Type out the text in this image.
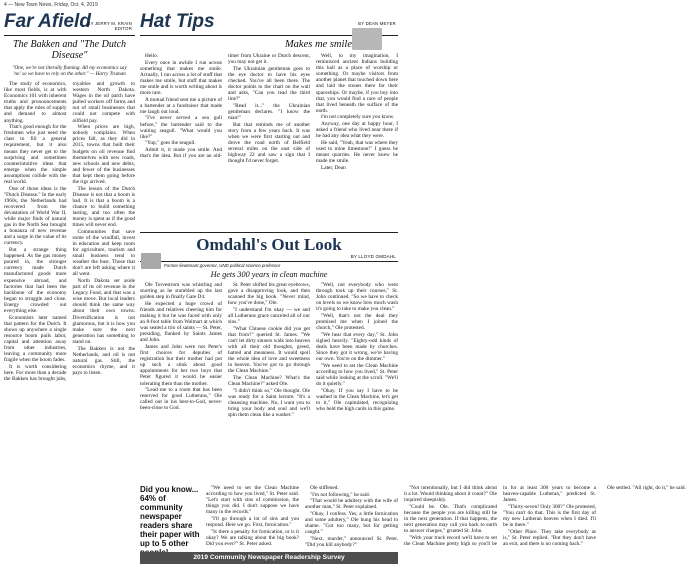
4 — New Town News, Friday, Oct. 4, 2019
Far Afield
BY JERRY M. KRAIN
EDITOR
The Bakken and "The Dutch Disease"
"One, we're not literally flaming. All my economics say 'no' so we have to rely on the other." — Harry Truman

The study of economics, like most fields, is at with Economics 101 with inherent truths and pronouncements that apply the rules of supply and demand to almost anything.

That's good enough for the freshmen who just need the class to fill a general requirement, but it also means they never get to the surprising and sometimes counterintuitive ideas that emerge when the simple assumptions collide with the real world.

One of those ideas is the "Dutch Disease." In the early 1960s, the Netherlands had recovered from the devastation of World War II, while major finds of natural gas in the North Sea brought a bonanza of new revenue and a surge in the value of its currency.

But a strange thing happened. As the gas money poured in, the stronger currency made Dutch manufactured goods more expensive abroad, and factories that had been the backbone of the economy began to struggle and close. Energy crowded out everything else.

Economists later named that pattern for the Dutch. It shows up anywhere a single resource boom pulls labor, capital and attention away from other industries, leaving a community more fragile when the boom fades.

It is worth considering here. For more than a decade the Bakken has brought jobs, royalties and growth to western North Dakota. Wages in the oil patch have pulled workers off farms and out of small businesses that could not compete with oilfield pay.

When prices are high, nobody complains. When prices fall, as they did in 2015, towns that built their budgets on oil revenue find themselves with new roads, new schools and new debts, and fewer of the businesses that kept them going before the rigs arrived.

The lesson of the Dutch Disease is not that a boom is bad. It is that a boom is a chance to build something lasting, and too often the money is spent as if the good times will never end.

Communities that save some of the windfall, invest in education and keep room for agriculture, tourism and small business tend to weather the bust. Those that don't are left asking where it all went.

North Dakota set aside part of its oil revenue in the Legacy Fund, and that was a wise move. But local leaders should think the same way about their own towns. Diversification is not glamorous, but it is how you make sure the next generation has something to stand on.

The Bakken is not the Netherlands, and oil is not natural gas. Still, the economics rhyme, and it pays to listen.

Hat Tips	BY DEAN MEYER
Makes me smile

Hello.

Every once in awhile I run across something that makes me smile. Actually, I run across a lot of stuff that makes me smile, but stuff that makes me smile and is worth writing about is more rare.

A mutual friend sent me a picture of a bartender at a fundraiser that made me laugh out loud.

"I've never served a sea gull before," the bartender said to the waiting seagull. "What would you like?"

"Yup," goes the seagull.

Admit it, it made you smile. And that's the idea. But if you are an old-timer from Ukraine or Dutch descent, you may not get it.

The Ukrainian gentleman goes to the eye doctor to have his eyes checked. You've all been there. The doctor points to the chart on the wall and asks, "Can you read the third line?"

"Read it..." the Ukrainian gentleman declares. "I know the man!"

But that reminds me of another story from a few years back. It was when we were first starting out and drove the road north of Belfield several miles on the east side of highway 22 and saw a sign that I thought I'd never forget.

Well, to my imagination, I reminisced ancient Indians building this hall as a place of worship or something. Or maybe visitors from another planet that touched down here and laid the stones there for their spaceships. Or maybe, if you buy into that, you would find a race of people that lived beneath the surface of the earth.

I'm not completely sure you know.

Anyway, one day at happy hour, I asked a friend who lived near there if he had any idea what they were.

He said, "Yeah, that was where they used to mine limestone!" I guess he meant quarries. He never knew he made me smile.

Later, Dean

Omdahl's Out Look
BY LLOYD OMDAHL
Former lieutenant governor, UND political science professor
He gets 300 years in clean machine

Ole Torvestrom was whistling and snorting as he stumbled up the last golden step in finally Gate D4.

He expected a huge crowd of friends and relatives cheering him for making it but he was faced with only an 8-foot table from Walmart at which was seated a trio of saints — St. Peter, presiding, flanked by Saints James and John.

James and John were not Peter's first choices for deputies of registration but their mother had put up such a stink about good appointments for her two boys that Peter figured it would be easier tolerating them than the mother.

"Lead me to a room that has been reserved for good Lutherans," Ole called out in his best-to-God, never-been-close to God.

St. Peter shifted his great eyebrows, gave a disapproving look, and then scanned the big book. "Never mind, how you've done," Ole.

"I understand I'm okay — we and all Lutherans grace canceled all of our sins."

"What Chinese cookie did you get that from?" queried St. James. "We can't let dirty sinners walk into heaven with all their old thoughts, greed, hatred and meanness. It would spoil the whole idea of love and sweetness in heaven. You've got to go through the Clean Machine."

The Clean Machine? What's the Clean Machine?" asked Ole.

"I didn't think so," Ole thought. Ole was ready for a Saint lecture. "It's a cleansing machine. No, I want you to bring your body and soul and we'll spin them clean like a washer."

"Well, not everybody who went through took up their courses," St. John continued. "So we have to check on levels so we know how much wash it's going to take to make you clean."

"Well, that's not the deal they promised me when I joined the church," Ole protested.

"We hear that every day," St. John sighed heavily. "Eighty-odd kinds of deals have been made by churches. Since they got it wrong, we're having our own. You're on the dimmer."

"We need to set the Clean Machine according to how you lived," St. Peter said while looking at the scroll. "We'll do it quietly."

"Okay. If you say I have to be washed in the Clean Machine, let's get to it," Ole capitulated, recognizing who held the high cards in this game.

"We need to set the Clean Machine according to how you lived," St. Peter said. "Let's start with sins of commission, the things you did. I don't suppose we have many in the records."

"I'll go through a lot of sins and you respond. Here we go. First, fornication."

"Is there a penalty for fornication, or is it okay? We are talking about the big book? Did you ever?" St. Peter asked.

Ole stiffened.

"I'm not following," he said.

"That would be adultery with the wife of another man," St. Peter explained.

"Okay, I confess. Yes, a little fornication and some adultery," Ole hung his head in shame. "Got too many, but for getting caught."

"Next, murder," announced St. Peter. "Did you kill anybody?"

"Not intentionally, but I did think about it a lot. Would thinking about it count?" Ole inquired sheepishly.

"Could be. Ole. That's complicated because the people you are killing still be in the next generation. If that happens, the next generation may call you back to earth to answer charges," grunted St. John.

"With your track record we'll have to set the Clean Machine pretty high so you'll be in for at least 300 years to become a heaven-capable Lutheran," predicted St. James.

"Thirty-seven! Only 300?" Ole protested, "You can't do that. This is the first day of my new Lutheran heaven when I died. I'll be in there."

"Other Place. They take everybody as is," St. Peter replied. "But they don't have an exit, and there is no coming back."

Ole settled. "All right, do it," he said.

Did you know... 64% of community newspaper readers share their paper with up to 5 other
2019 Community Newspaper Readership Survey
